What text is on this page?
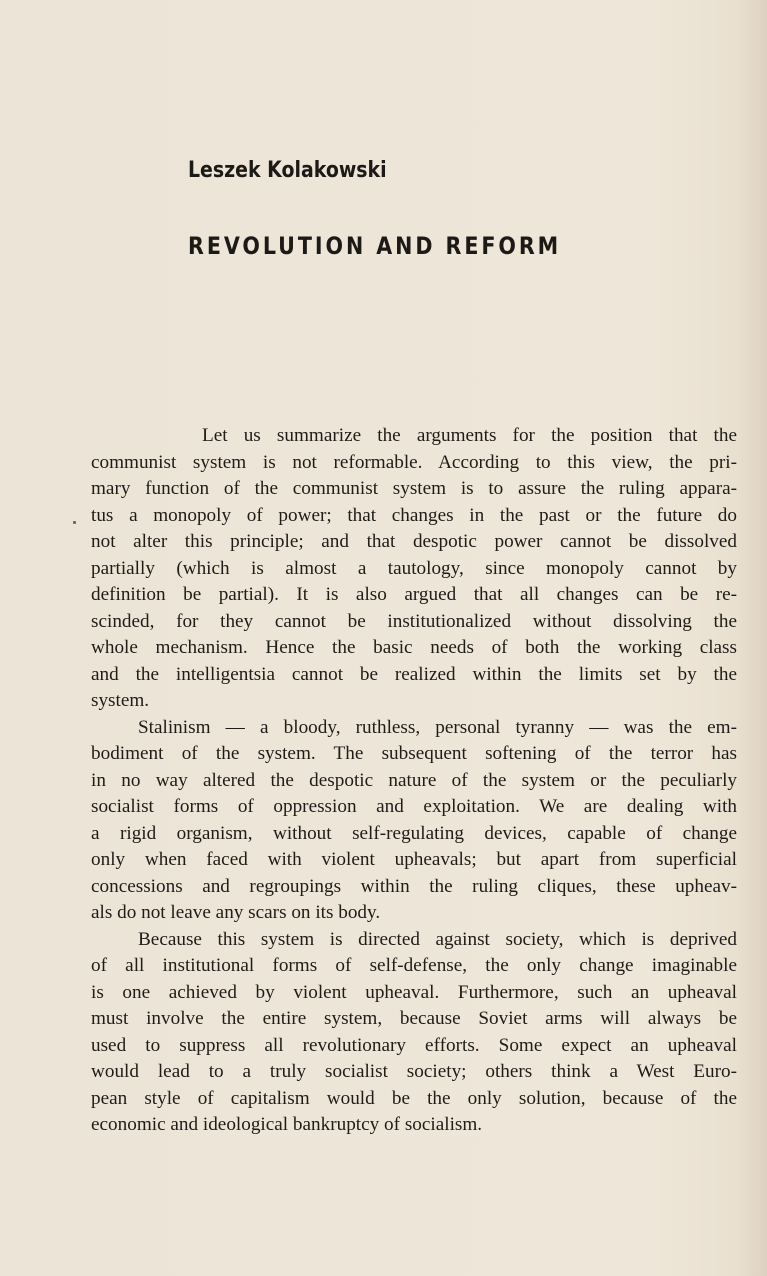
Leszek Kolakowski
REVOLUTION AND REFORM
Let us summarize the arguments for the position that the
communist system is not reformable. According to this view, the pri-
mary function of the communist system is to assure the ruling appara-
tus a monopoly of power; that changes in the past or the future do
not alter this principle; and that despotic power cannot be dissolved
partially (which is almost a tautology, since monopoly cannot by
definition be partial). It is also argued that all changes can be re-
scinded, for they cannot be institutionalized without dissolving the
whole mechanism. Hence the basic needs of both the working class
and the intelligentsia cannot be realized within the limits set by the
system.
Stalinism — a bloody, ruthless, personal tyranny — was the em-
bodiment of the system. The subsequent softening of the terror has
in no way altered the despotic nature of the system or the peculiarly
socialist forms of oppression and exploitation. We are dealing with
a rigid organism, without self-regulating devices, capable of change
only when faced with violent upheavals; but apart from superficial
concessions and regroupings within the ruling cliques, these upheav-
als do not leave any scars on its body.
Because this system is directed against society, which is deprived
of all institutional forms of self-defense, the only change imaginable
is one achieved by violent upheaval. Furthermore, such an upheaval
must involve the entire system, because Soviet arms will always be
used to suppress all revolutionary efforts. Some expect an upheaval
would lead to a truly socialist society; others think a West Euro-
pean style of capitalism would be the only solution, because of the
economic and ideological bankruptcy of socialism.
